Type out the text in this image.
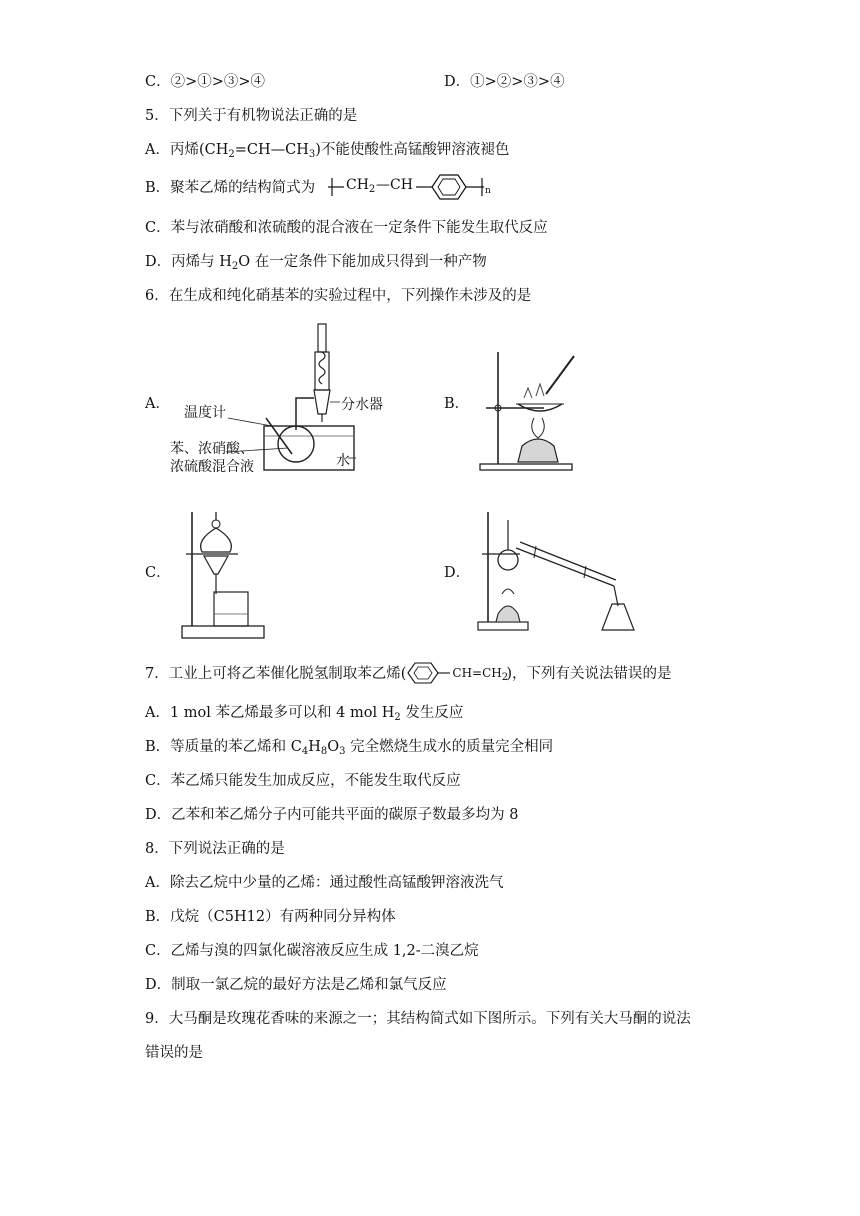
C．②>①>③>④	D．①>②>③>④
5．下列关于有机物说法正确的是
A．丙烯$(CH_2=CH—CH_3)$不能使酸性高锰酸钾溶液褪色
B．聚苯乙烯的结构简式为 $CH_2$ — CH	n
C．苯与浓硝酸和浓硫酸的混合液在一定条件下能发生取代反应
D．丙烯与 $H_2O$ 在一定条件下能加成只得到一种产物
6．在生成和纯化硝基苯的实验过程中，下列操作未涉及的是
A．	分水器
温度计
苯、浓硝酸、
浓硫酸混合液	水
B．
C．	D．
7．工业上可将乙苯催化脱氢制取苯乙烯(	$CH=CH_2$
)，下列有关说法错误的是
A．1 mol 苯乙烯最多可以和 4 mol $H_2$ 发生反应
B．等质量的苯乙烯和 $C_4H_8O_3$ 完全燃烧生成水的质量完全相同
C．苯乙烯只能发生加成反应，不能发生取代反应
D．乙苯和苯乙烯分子内可能共平面的碳原子数最多均为 8
8．下列说法正确的是
A．除去乙烷中少量的乙烯：通过酸性高锰酸钾溶液洗气
B．戊烷（C5H12）有两种同分异构体
C．乙烯与溴的四氯化碳溶液反应生成 1,2-二溴乙烷
D．制取一氯乙烷的最好方法是乙烯和氯气反应
9．大马酮是玫瑰花香味的来源之一；其结构简式如下图所示。下列有关大马酮的说法
错误的是
